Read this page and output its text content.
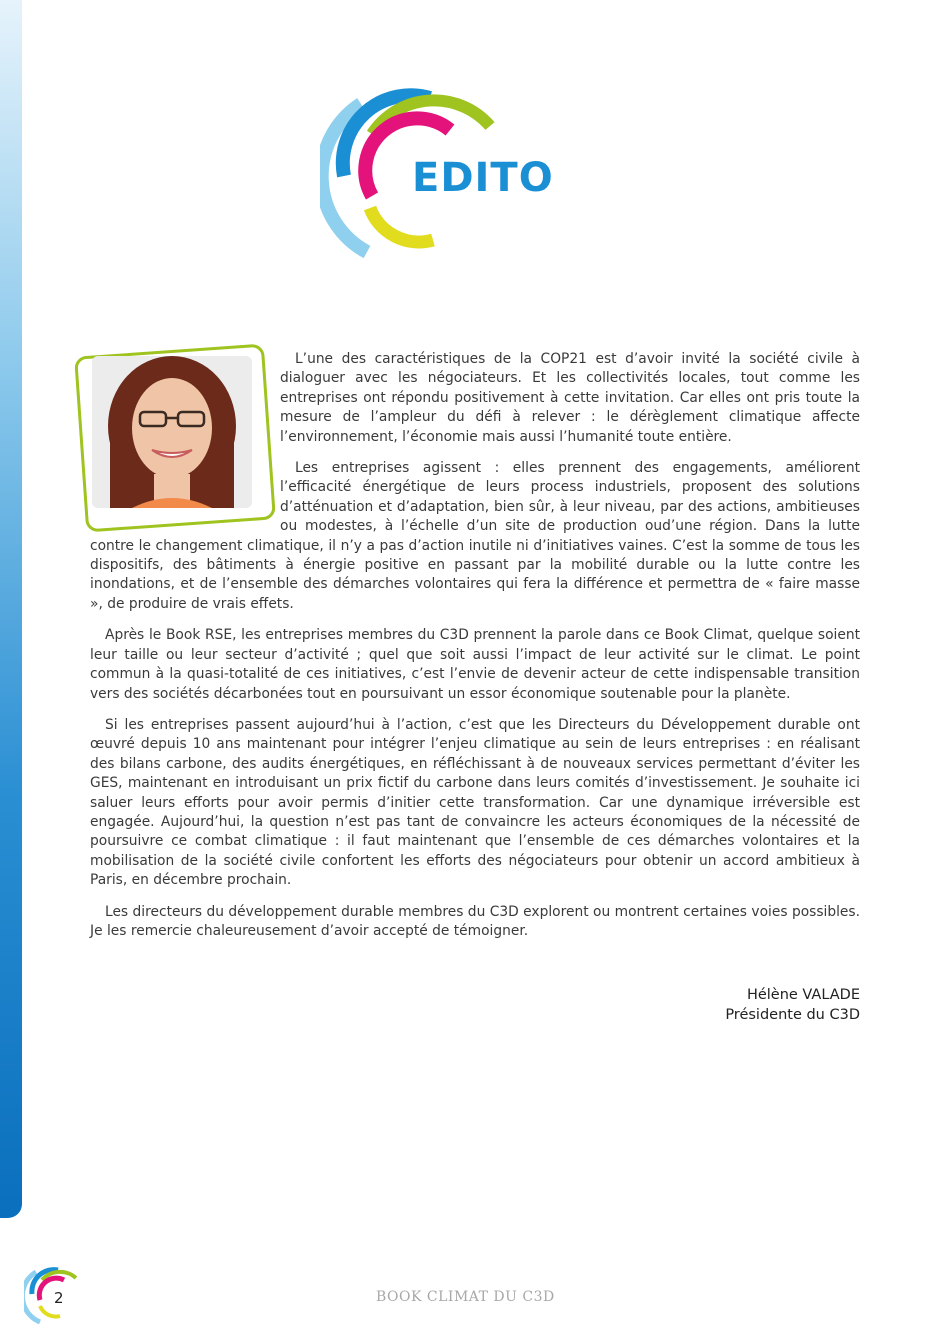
EDITO

L’une des caractéristiques de la COP21 est d’avoir invité la société civile à dialoguer avec les négociateurs. Et les collectivités locales, tout comme les entreprises ont répondu positivement à cette invitation. Car elles ont pris toute la mesure de l’ampleur du défi à relever : le dérèglement climatique affecte l’environnement, l’économie mais aussi l’humanité toute entière.

Les entreprises agissent : elles prennent des engagements, améliorent l’efficacité énergétique de leurs process industriels, proposent des solutions d’atténuation et d’adaptation, bien sûr, à leur niveau, par des actions, ambitieuses ou modestes, à l’échelle d’un site de production oud’une région. Dans la lutte contre le changement climatique, il n’y a pas d’action inutile ni d’initiatives vaines. C’est la somme de tous les dispositifs, des bâtiments à énergie positive en passant par la mobilité durable ou la lutte contre les inondations, et de l’ensemble des démarches volontaires qui fera la différence et permettra de « faire masse », de produire de vrais effets.

Après le Book RSE, les entreprises membres du C3D prennent la parole dans ce Book Climat, quelque soient leur taille ou leur secteur d’activité ; quel que soit aussi l’impact de leur activité sur le climat. Le point commun à la quasi-totalité de ces initiatives, c’est l’envie de devenir acteur de cette indispensable transition vers des sociétés décarbonées tout en poursuivant un essor économique soutenable pour la planète.

Si les entreprises passent aujourd’hui à l’action, c’est que les Directeurs du Développement durable ont œuvré depuis 10 ans maintenant pour intégrer l’enjeu climatique au sein de leurs entreprises : en réalisant des bilans carbone, des audits énergétiques, en réfléchissant à de nouveaux services permettant d’éviter les GES, maintenant en introduisant un prix fictif du carbone dans leurs comités d’investissement. Je souhaite ici saluer leurs efforts pour avoir permis d’initier cette transformation. Car une dynamique irréversible est engagée. Aujourd’hui, la question n’est pas tant de convaincre les acteurs économiques de la nécessité de poursuivre ce combat climatique : il faut maintenant que l’ensemble de ces démarches volontaires et la mobilisation de la société civile confortent les efforts des négociateurs pour obtenir un accord ambitieux à Paris, en décembre prochain.

Les directeurs du développement durable membres du C3D explorent ou montrent certaines voies possibles. Je les remercie chaleureusement d’avoir accepté de témoigner.

Hélène VALADE
Présidente du C3D
2	BOOK CLIMAT DU C3D
